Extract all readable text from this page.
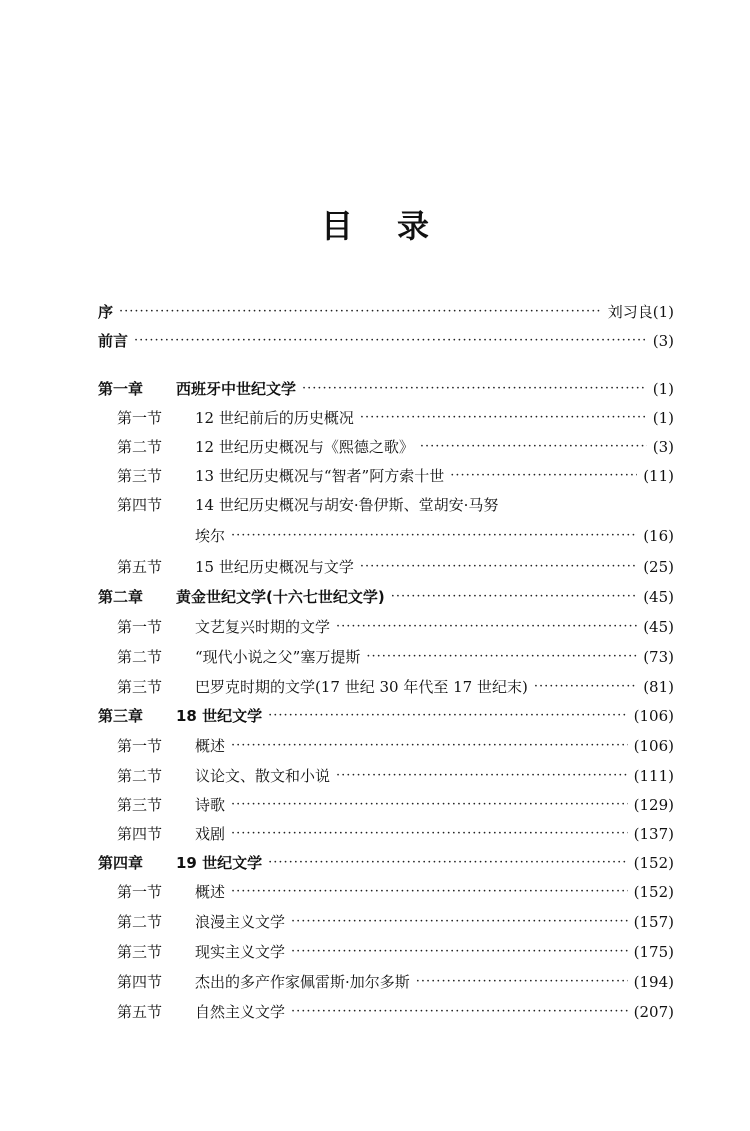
目录
序 ·····	刘习良(1)
前言 ·····	(3)
第一章	西班牙中世纪文学 ·····	(1)
第一节	12 世纪前后的历史概况 ·····	(1)
第二节	12 世纪历史概况与《熙德之歌》 ·····	(3)
第三节	13 世纪历史概况与“智者”阿方索十世 ·····	(11)
第四节	14 世纪历史概况与胡安·鲁伊斯、堂胡安·马努
埃尔 ·····	(16)
第五节	15 世纪历史概况与文学 ·····	(25)
第二章	黄金世纪文学(十六七世纪文学) ·····	(45)
第一节	文艺复兴时期的文学 ·····	(45)
第二节	“现代小说之父”塞万提斯 ·····	(73)
第三节	巴罗克时期的文学(17 世纪 30 年代至 17 世纪末) ·····	(81)
第三章	18 世纪文学 ·····	(106)
第一节	概述 ·····	(106)
第二节	议论文、散文和小说 ·····	(111)
第三节	诗歌 ·····	(129)
第四节	戏剧 ·····	(137)
第四章	19 世纪文学 ·····	(152)
第一节	概述 ·····	(152)
第二节	浪漫主义文学 ·····	(157)
第三节	现实主义文学 ·····	(175)
第四节	杰出的多产作家佩雷斯·加尔多斯 ·····	(194)
第五节	自然主义文学 ·····	(207)
